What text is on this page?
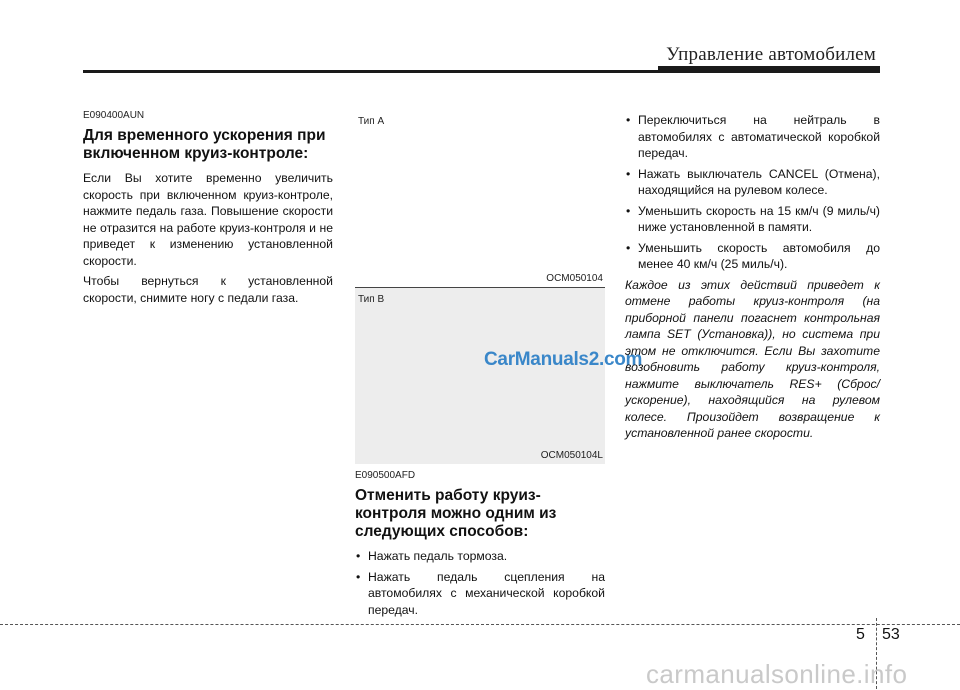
Управление автомобилем
E090400AUN
Для временного ускорения при включенном круиз-контроле:
Если Вы хотите временно увеличить скорость при включенном круиз-контроле, нажмите педаль газа. Повышение скорости не отразится на работе круиз-контроля и не приведет к изменению установленной скорости.
Чтобы вернуться к установленной скорости, снимите ногу с педали газа.
Тип А
OCM050104
Тип В
CarManuals2.com
OCM050104L
E090500AFD
Отменить работу круиз-контроля можно одним из следующих способов:
• Нажать педаль тормоза.
• Нажать педаль сцепления на автомобилях с механической коробкой передач.
• Переключиться на нейтраль в автомобилях с автоматической коробкой передач.
• Нажать выключатель CANCEL (Отмена), находящийся на рулевом колесе.
• Уменьшить скорость на 15 км/ч (9 миль/ч) ниже установленной в памяти.
• Уменьшить скорость автомобиля до менее 40 км/ч (25 миль/ч).
Каждое из этих действий приведет к отмене работы круиз-контроля (на приборной панели погаснет контрольная лампа SET (Установка)), но система при этом не отключится. Если Вы захотите возобновить работу круиз-контроля, нажмите выключатель RES+ (Сброс/ускорение), находящийся на рулевом колесе. Произойдет возвращение к установленной ранее скорости.
5 53
carmanualsonline.info
